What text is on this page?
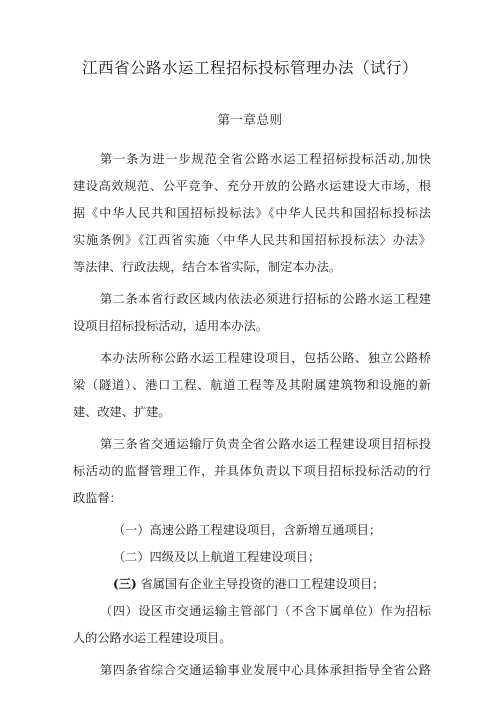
江西省公路水运工程招标投标管理办法（试行）
第一章总则
第一条为进一步规范全省公路水运工程招标投标活动,加快
建设高效规范、公平竞争、充分开放的公路水运建设大市场，根
据《中华人民共和国招标投标法》《中华人民共和国招标投标法
实施条例》《江西省实施〈中华人民共和国招标投标法〉办法》
等法律、行政法规，结合本省实际，制定本办法。
第二条本省行政区域内依法必须进行招标的公路水运工程建
设项目招标投标活动，适用本办法。
本办法所称公路水运工程建设项目，包括公路、独立公路桥
梁（隧道）、港口工程、航道工程等及其附属建筑物和设施的新
建、改建、扩建。
第三条省交通运输厅负责全省公路水运工程建设项目招标投
标活动的监督管理工作，并具体负责以下项目招标投标活动的行
政监督：
（一）高速公路工程建设项目，含新增互通项目；
（二）四级及以上航道工程建设项目；
(三) 省属国有企业主导投资的港口工程建设项目；
（四）设区市交通运输主管部门（不含下属单位）作为招标
人的公路水运工程建设项目。
第四条省综合交通运输事业发展中心具体承担指导全省公路
